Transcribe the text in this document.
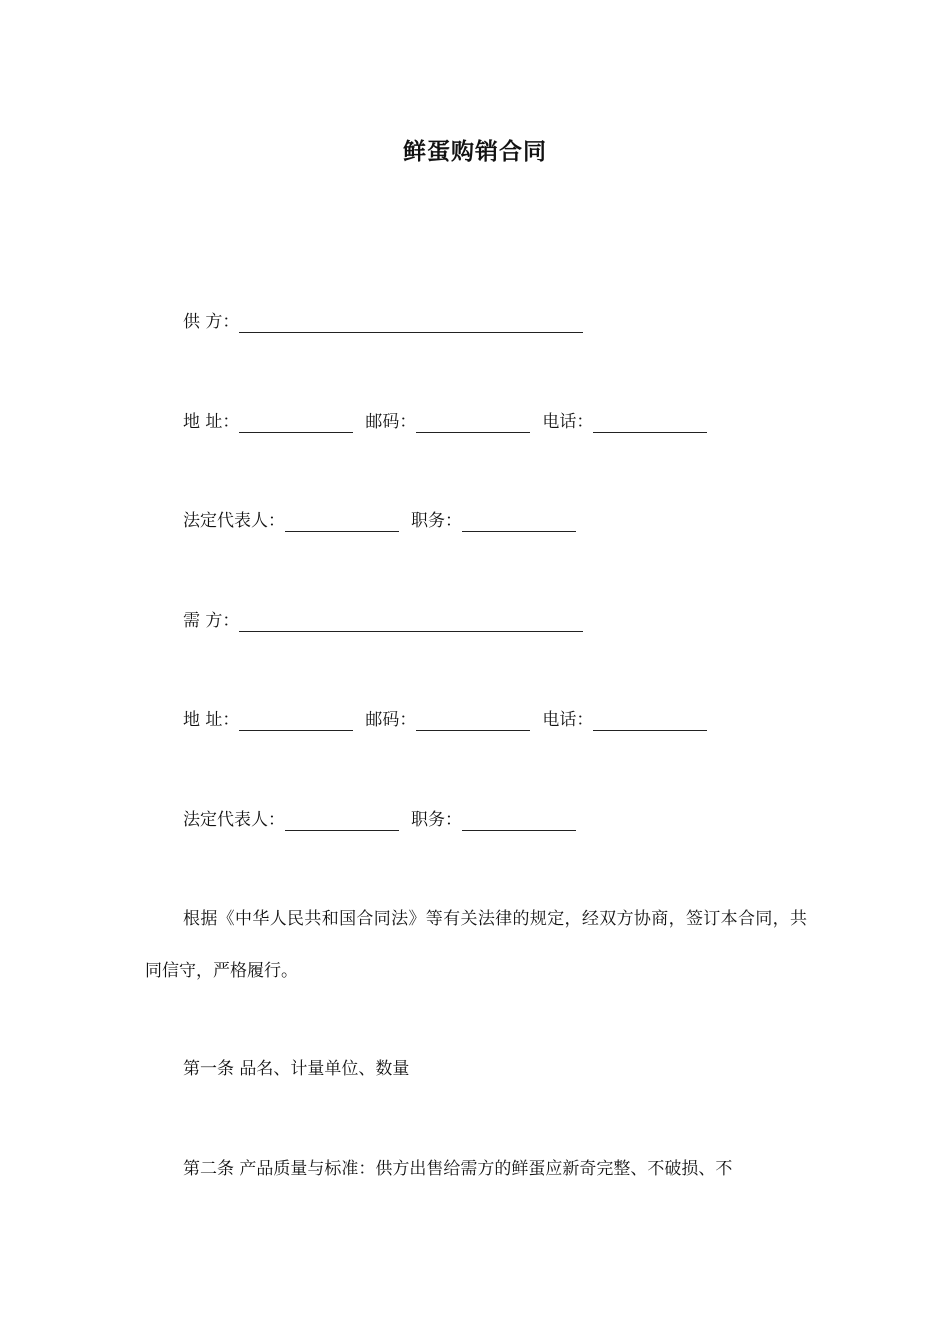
鲜蛋购销合同
供 方：
地 址：	邮码：	电话：
法定代表人：	职务：
需 方：
地 址：	邮码：	电话：
法定代表人：	职务：
根据《中华人民共和国合同法》等有关法律的规定，经双方协商，签订本合同，共同信守，严格履行。
第一条 品名、计量单位、数量
第二条 产品质量与标准：供方出售给需方的鲜蛋应新奇完整、不破损、不
